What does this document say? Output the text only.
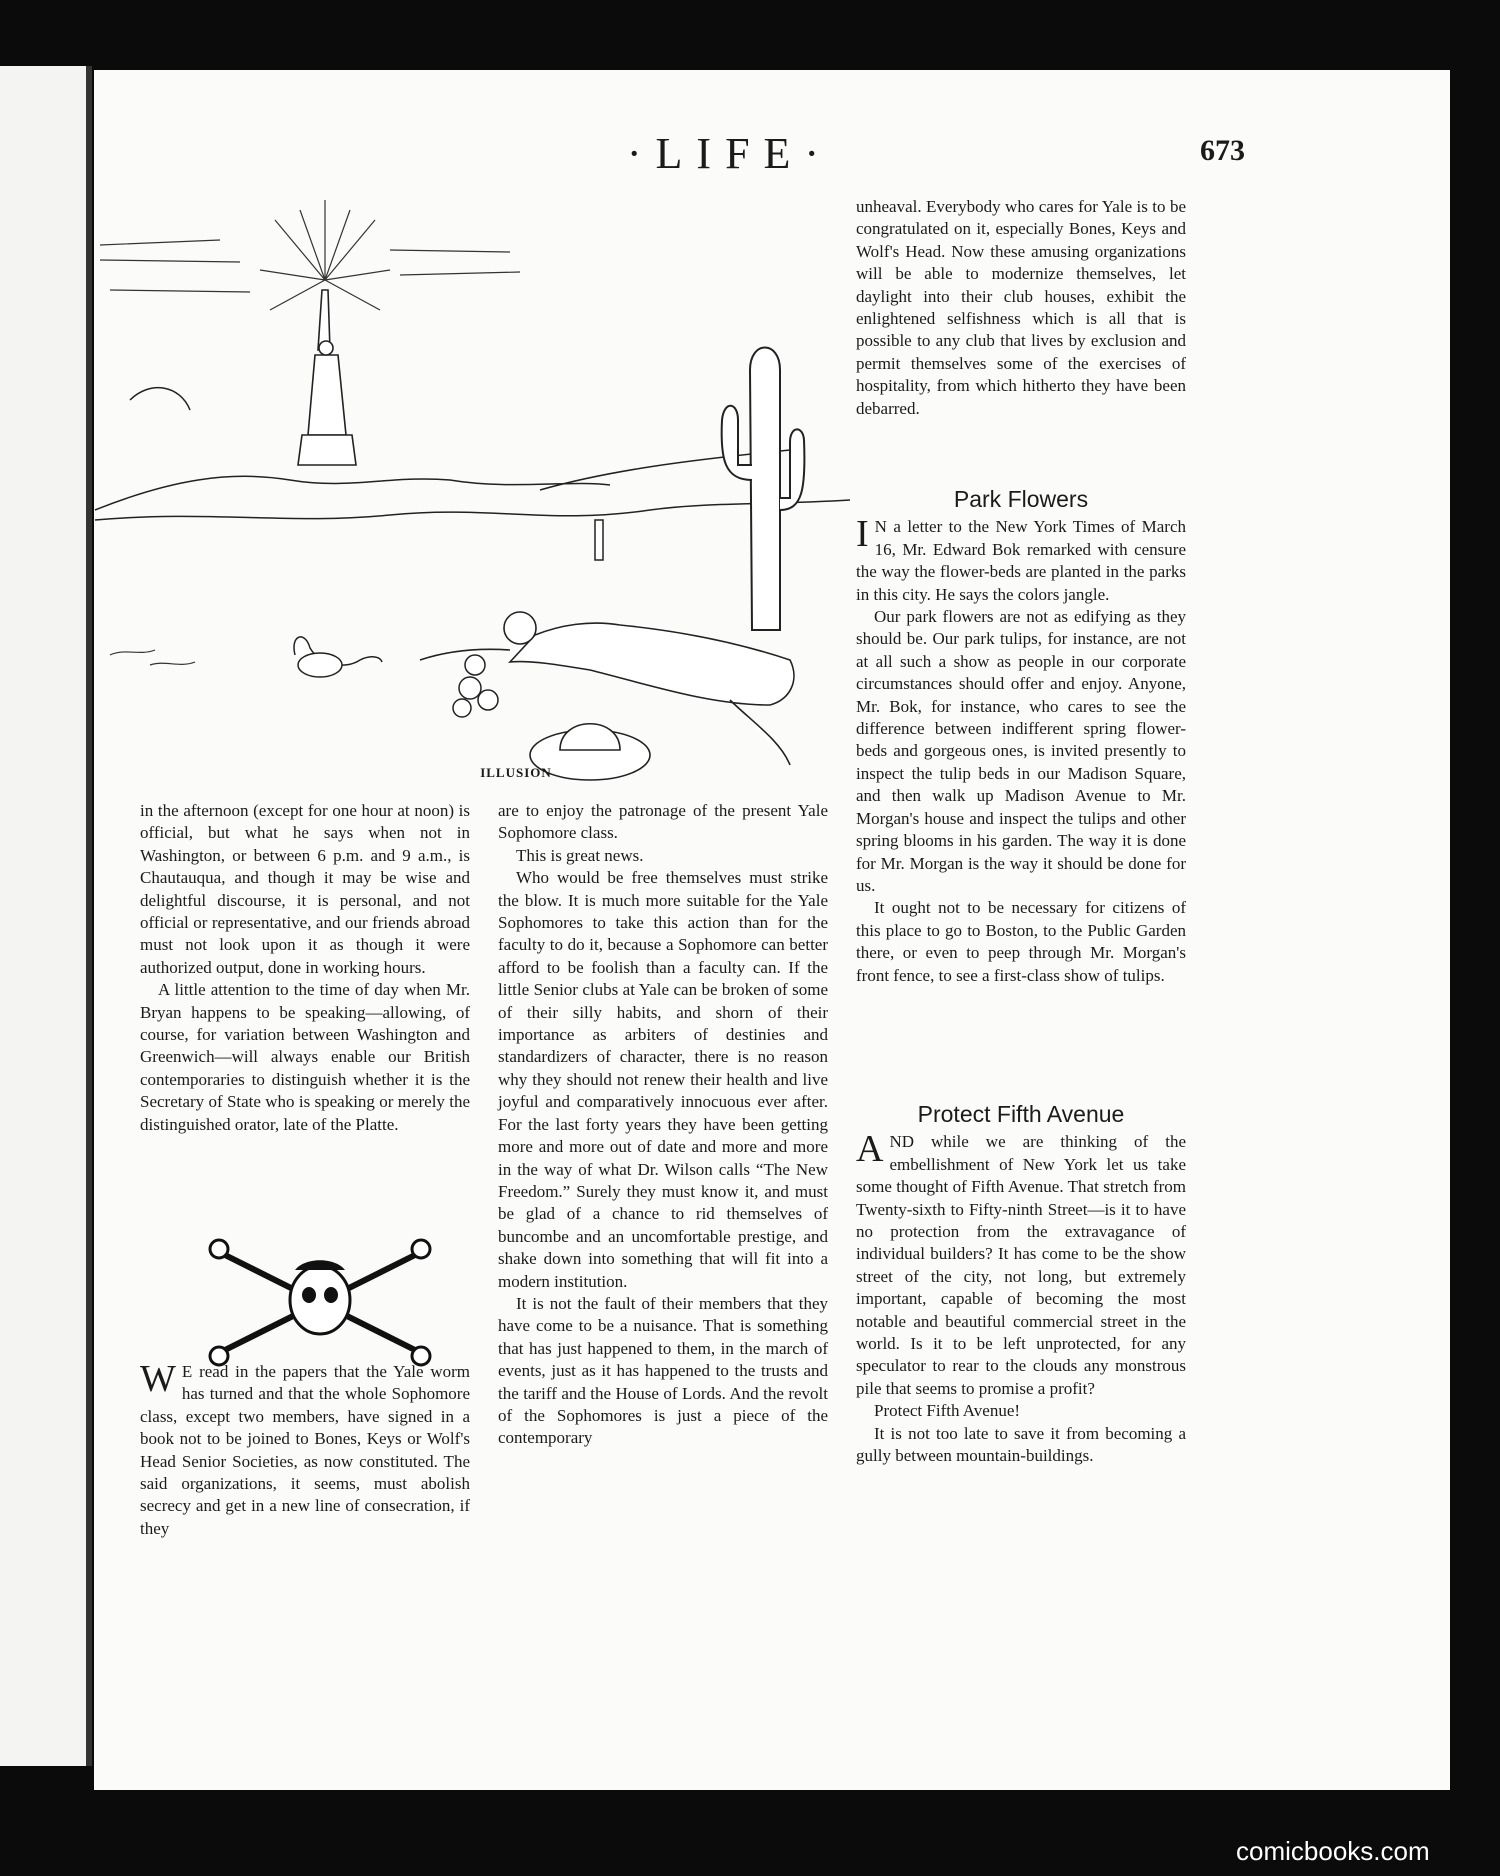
·LIFE·	673
ILLUSION

in the afternoon (except for one hour at noon) is official, but what he says when not in Washington, or between 6 p.m. and 9 a.m., is Chautauqua, and though it may be wise and delightful discourse, it is personal, and not official or representative, and our friends abroad must not look upon it as though it were authorized output, done in working hours.

A little attention to the time of day when Mr. Bryan happens to be speaking—allowing, of course, for variation between Washington and Greenwich—will always enable our British contemporaries to distinguish whether it is the Secretary of State who is speaking or merely the distinguished orator, late of the Platte.

W E read in the papers that the Yale worm has turned and that the whole Sophomore class, except two members, have signed in a book not to be joined to Bones, Keys or Wolf's Head Senior Societies, as now constituted. The said organizations, it seems, must abolish secrecy and get in a new line of consecration, if they

are to enjoy the patronage of the present Yale Sophomore class.

This is great news.

Who would be free themselves must strike the blow. It is much more suitable for the Yale Sophomores to take this action than for the faculty to do it, because a Sophomore can better afford to be foolish than a faculty can. If the little Senior clubs at Yale can be broken of some of their silly habits, and shorn of their importance as arbiters of destinies and standardizers of character, there is no reason why they should not renew their health and live joyful and comparatively innocuous ever after. For the last forty years they have been getting more and more out of date and more and more in the way of what Dr. Wilson calls “The New Freedom.” Surely they must know it, and must be glad of a chance to rid themselves of buncombe and an uncomfortable prestige, and shake down into something that will fit into a modern institution.

It is not the fault of their members that they have come to be a nuisance. That is something that has just happened to them, in the march of events, just as it has happened to the trusts and the tariff and the House of Lords. And the revolt of the Sophomores is just a piece of the contemporary

unheaval. Everybody who cares for Yale is to be congratulated on it, especially Bones, Keys and Wolf's Head. Now these amusing organizations will be able to modernize themselves, let daylight into their club houses, exhibit the enlightened selfishness which is all that is possible to any club that lives by exclusion and permit themselves some of the exercises of hospitality, from which hitherto they have been debarred.

Park Flowers

I N a letter to the New York Times of March 16, Mr. Edward Bok remarked with censure the way the flower-beds are planted in the parks in this city. He says the colors jangle.

Our park flowers are not as edifying as they should be. Our park tulips, for instance, are not at all such a show as people in our corporate circumstances should offer and enjoy. Anyone, Mr. Bok, for instance, who cares to see the difference between indifferent spring flower-beds and gorgeous ones, is invited presently to inspect the tulip beds in our Madison Square, and then walk up Madison Avenue to Mr. Morgan's house and inspect the tulips and other spring blooms in his garden. The way it is done for Mr. Morgan is the way it should be done for us.

It ought not to be necessary for citizens of this place to go to Boston, to the Public Garden there, or even to peep through Mr. Morgan's front fence, to see a first-class show of tulips.

Protect Fifth Avenue

AND while we are thinking of the embellishment of New York let us take some thought of Fifth Avenue. That stretch from Twenty-sixth to Fifty-ninth Street—is it to have no protection from the extravagance of individual builders? It has come to be the show street of the city, not long, but extremely important, capable of becoming the most notable and beautiful commercial street in the world. Is it to be left unprotected, for any speculator to rear to the clouds any monstrous pile that seems to promise a profit?

Protect Fifth Avenue!

It is not too late to save it from becoming a gully between mountain-buildings.

comicbooks.com
